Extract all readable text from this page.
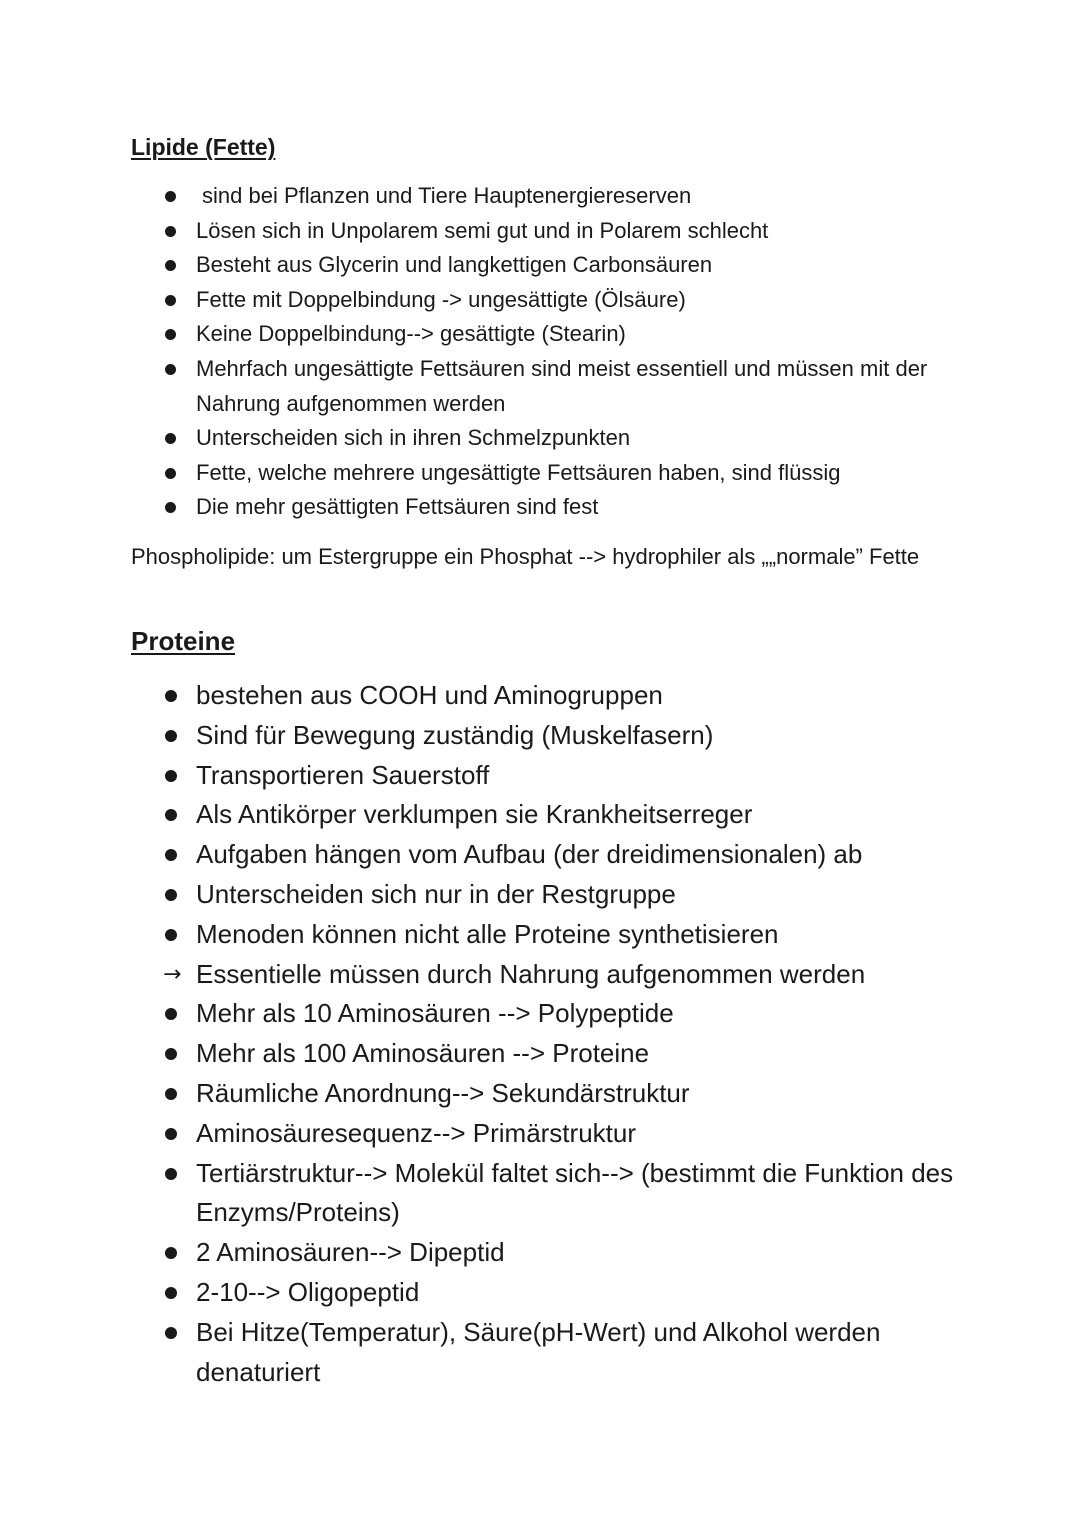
Lipide (Fette)
sind bei Pflanzen und Tiere Hauptenergiereserven
Lösen sich in Unpolarem semi gut und in Polarem schlecht
Besteht aus Glycerin und langkettigen Carbonsäuren
Fette mit Doppelbindung -> ungesättigte (Ölsäure)
Keine Doppelbindung--> gesättigte (Stearin)
Mehrfach ungesättigte Fettsäuren sind meist essentiell und müssen mit der Nahrung aufgenommen werden
Unterscheiden sich in ihren Schmelzpunkten
Fette, welche mehrere ungesättigte Fettsäuren haben, sind flüssig
Die mehr gesättigten Fettsäuren sind fest
Phospholipide: um Estergruppe ein Phosphat --> hydrophiler als „„normale” Fette
Proteine
bestehen aus COOH und Aminogruppen
Sind für Bewegung zuständig (Muskelfasern)
Transportieren Sauerstoff
Als Antikörper verklumpen sie Krankheitserreger
Aufgaben hängen vom Aufbau (der dreidimensionalen) ab
Unterscheiden sich nur in der Restgruppe
Menoden können nicht alle Proteine synthetisieren
→ Essentielle müssen durch Nahrung aufgenommen werden
Mehr als 10 Aminosäuren --> Polypeptide
Mehr als 100 Aminosäuren --> Proteine
Räumliche Anordnung--> Sekundärstruktur
Aminosäuresequenz--> Primärstruktur
Tertiärstruktur--> Molekül faltet sich--> (bestimmt die Funktion des Enzyms/Proteins)
2 Aminosäuren--> Dipeptid
2-10--> Oligopeptid
Bei Hitze(Temperatur), Säure(pH-Wert) und Alkohol werden denaturiert
